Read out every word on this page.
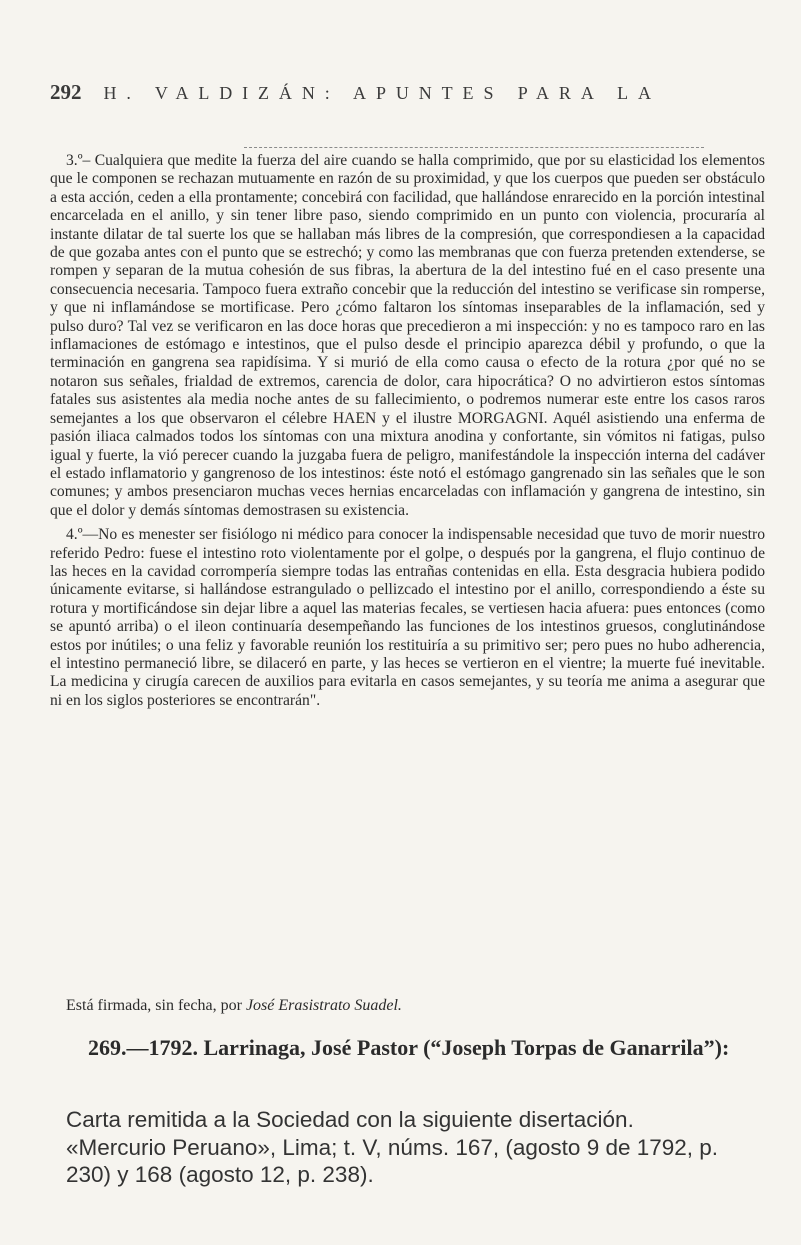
292 H. VALDIZÁN: APUNTES PARA LA

3.º– Cualquiera que medite la fuerza del aire cuando se halla comprimido, que por su elasticidad los elementos que le componen se rechazan mutuamente en razón de su proximidad, y que los cuerpos que pueden ser obstáculo a esta acción, ceden a ella prontamente; concebirá con facilidad, que hallándose enrarecido en la porción intestinal encarcelada en el anillo, y sin tener libre paso, siendo comprimido en un punto con violencia, procuraría al instante dilatar de tal suerte los que se hallaban más libres de la compresión, que correspondiesen a la capacidad de que gozaba antes con el punto que se estrechó; y como las membranas que con fuerza pretenden extenderse, se rompen y separan de la mutua cohesión de sus fibras, la abertura de la del intestino fué en el caso presente una consecuencia necesaria. Tampoco fuera extraño concebir que la reducción del intestino se verificase sin romperse, y que ni inflamándose se mortificase. Pero ¿cómo faltaron los síntomas inseparables de la inflamación, sed y pulso duro? Tal vez se verificaron en las doce horas que precedieron a mi inspección: y no es tampoco raro en las inflamaciones de estómago e intestinos, que el pulso desde el principio aparezca débil y profundo, o que la terminación en gangrena sea rapidísima. Y si murió de ella como causa o efecto de la rotura ¿por qué no se notaron sus señales, frialdad de extremos, carencia de dolor, cara hipocrática? O no advirtieron estos síntomas fatales sus asistentes ala media noche antes de su fallecimiento, o podremos numerar este entre los casos raros semejantes a los que observaron el célebre HAEN y el ilustre MORGAGNI. Aquél asistiendo una enferma de pasión iliaca calmados todos los síntomas con una mixtura anodina y confortante, sin vómitos ni fatigas, pulso igual y fuerte, la vió perecer cuando la juzgaba fuera de peligro, manifestándole la inspección interna del cadáver el estado inflamatorio y gangrenoso de los intestinos: éste notó el estómago gangrenado sin las señales que le son comunes; y ambos presenciaron muchas veces hernias encarceladas con inflamación y gangrena de intestino, sin que el dolor y demás síntomas demostrasen su existencia.

4.º—No es menester ser fisiólogo ni médico para conocer la indispensable necesidad que tuvo de morir nuestro referido Pedro: fuese el intestino roto violentamente por el golpe, o después por la gangrena, el flujo continuo de las heces en la cavidad corrompería siempre todas las entrañas contenidas en ella. Esta desgracia hubiera podido únicamente evitarse, si hallándose estrangulado o pellizcado el intestino por el anillo, correspondiendo a éste su rotura y mortificándose sin dejar libre a aquel las materias fecales, se vertiesen hacia afuera: pues entonces (como se apuntó arriba) o el ileon continuaría desempeñando las funciones de los intestinos gruesos, conglutinándose estos por inútiles; o una feliz y favorable reunión los restituiría a su primitivo ser; pero pues no hubo adherencia, el intestino permaneció libre, se dilaceró en parte, y las heces se vertieron en el vientre; la muerte fué inevitable. La medicina y cirugía carecen de auxilios para evitarla en casos semejantes, y su teoría me anima a asegurar que ni en los siglos posteriores se encontrarán".

Está firmada, sin fecha, por José Erasistrato Suadel.
269.—1792. Larrinaga, José Pastor (“Joseph Torpas de Ganarrila”):

Carta remitida a la Sociedad con la siguiente disertación.

«Mercurio Peruano», Lima; t. V, núms. 167, (agosto 9 de 1792, p. 230) y 168 (agosto 12, p. 238).
